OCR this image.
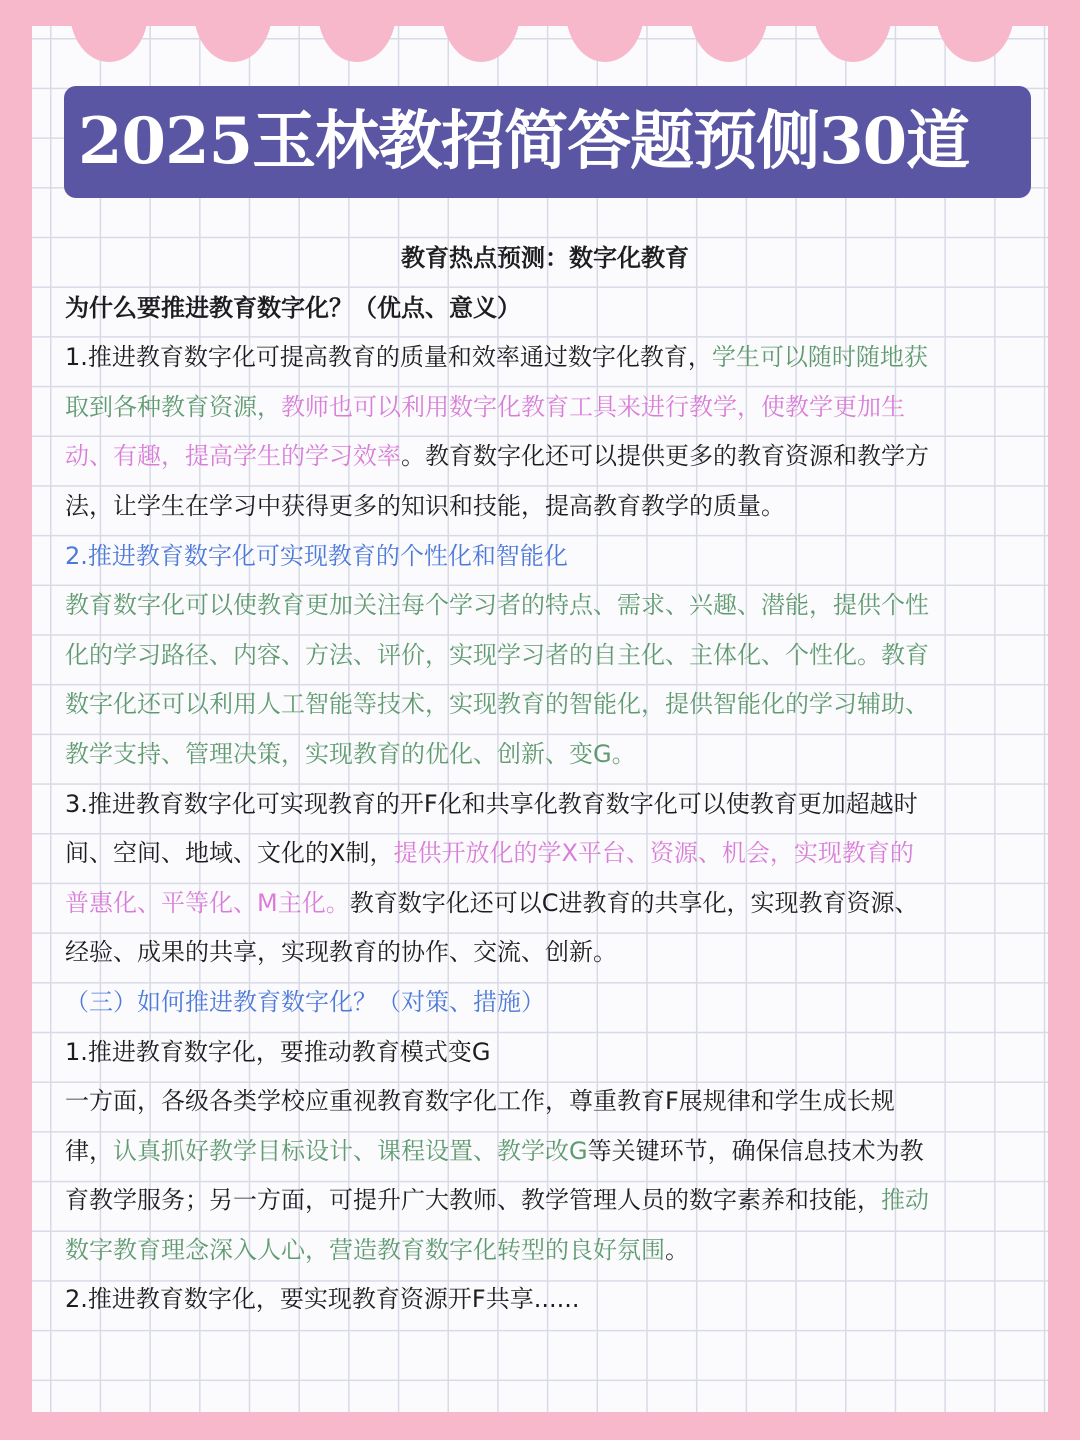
2025玉林教招简答题预侧30道
教育热点预测：数字化教育
为什么要推进教育数字化？（优点、意义）
1.推进教育数字化可提高教育的质量和效率通过数字化教育，学生可以随时随地获
取到各种教育资源，教师也可以利用数字化教育工具来进行教学，使教学更加生
动、有趣，提高学生的学习效率。教育数字化还可以提供更多的教育资源和教学方
法，让学生在学习中获得更多的知识和技能，提高教育教学的质量。
2.推进教育数字化可实现教育的个性化和智能化
教育数字化可以使教育更加关注每个学习者的特点、需求、兴趣、潜能，提供个性
化的学习路径、内容、方法、评价，实现学习者的自主化、主体化、个性化。教育
数字化还可以利用人工智能等技术，实现教育的智能化，提供智能化的学习辅助、
教学支持、管理决策，实现教育的优化、创新、变G。
3.推进教育数字化可实现教育的开F化和共享化教育数字化可以使教育更加超越时
间、空间、地域、文化的X制，提供开放化的学X平台、资源、机会，实现教育的
普惠化、平等化、M主化。教育数字化还可以C进教育的共享化，实现教育资源、
经验、成果的共享，实现教育的协作、交流、创新。
（三）如何推进教育数字化？（对策、措施）
1.推进教育数字化，要推动教育模式变G
一方面，各级各类学校应重视教育数字化工作，尊重教育F展规律和学生成长规
律，认真抓好教学目标设计、课程设置、教学改G等关键环节，确保信息技术为教
育教学服务；另一方面，可提升广大教师、教学管理人员的数字素养和技能，推动
数字教育理念深入人心，营造教育数字化转型的良好氛围。
2.推进教育数字化，要实现教育资源开F共享......
